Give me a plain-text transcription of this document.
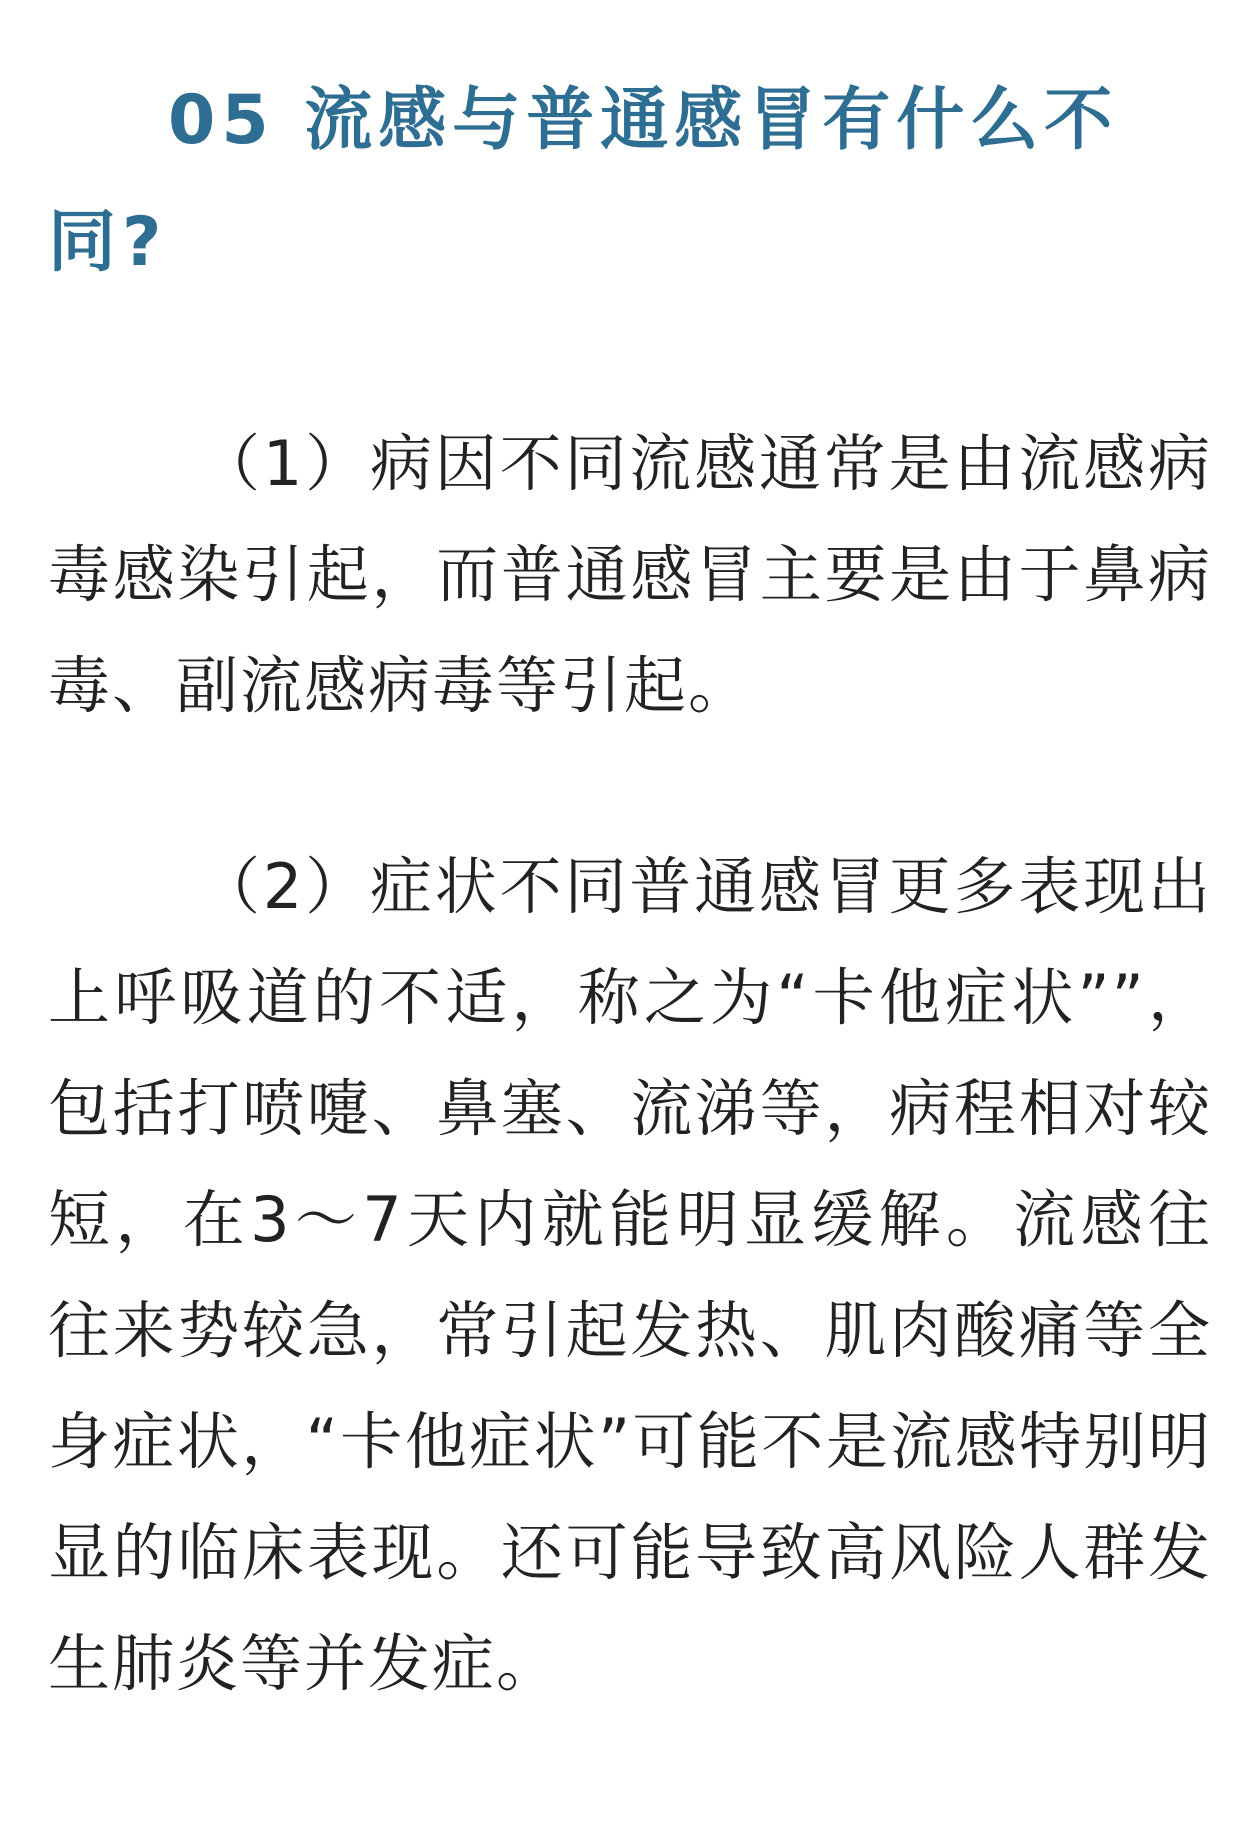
05 流感与普通感冒有什么不同?

（1）病因不同流感通常是由流感病毒感染引起，而普通感冒主要是由于鼻病毒、副流感病毒等引起。

（2）症状不同普通感冒更多表现出上呼吸道的不适，称之为“卡他症状””，包括打喷嚏、鼻塞、流涕等，病程相对较短，在3～7天内就能明显缓解。流感往往来势较急，常引起发热、肌肉酸痛等全身症状，“卡他症状”可能不是流感特别明显的临床表现。还可能导致高风险人群发生肺炎等并发症。
